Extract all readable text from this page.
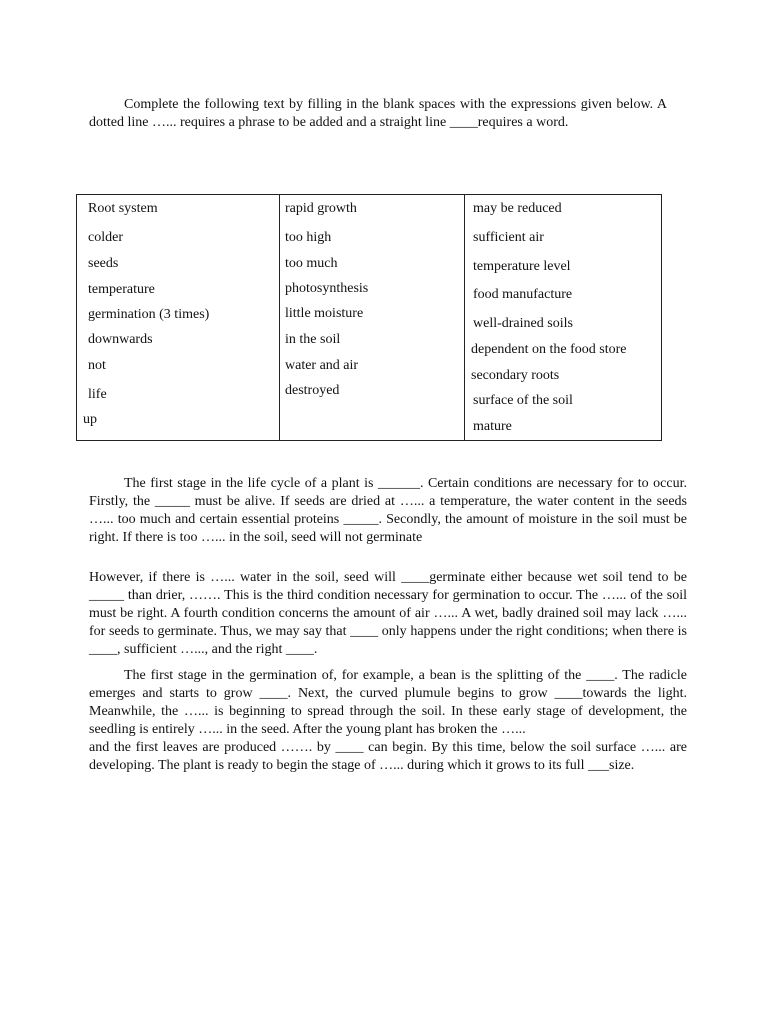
Complete the following text by filling in the blank spaces with the expressions given below. A dotted line …... requires a phrase to be added and a straight line ____requires a word.
Root system
colder
seeds
temperature
germination (3 times)
downwards
not
life
up
rapid growth
too high
too much
photosynthesis
little moisture
in the soil
water and air
destroyed
may be reduced
sufficient air
temperature level
food manufacture
well-drained soils
dependent on the food store
secondary roots
surface of the soil
mature
The first stage in the life cycle of a plant is ______. Certain conditions are necessary for to occur. Firstly, the _____ must be alive. If seeds are dried at …... a temperature, the water content in the seeds …... too much and certain essential proteins _____. Secondly, the amount of moisture in the soil must be right. If there is too …... in the soil, seed will not germinate
However, if there is …... water in the soil, seed will ____germinate either because wet soil tend to be _____ than drier, ……. This is the third condition necessary for germination to occur. The …... of the soil must be right. A fourth condition concerns the amount of air …... A wet, badly drained soil may lack …... for seeds to germinate. Thus, we may say that ____ only happens under the right conditions; when there is ____, sufficient …..., and the right ____.
The first stage in the germination of, for example, a bean is the splitting of the ____. The radicle emerges and starts to grow ____. Next, the curved plumule begins to grow ____towards the light. Meanwhile, the …... is beginning to spread through the soil. In these early stage of development, the seedling is entirely …... in the seed. After the young plant has broken the …...
and the first leaves are produced ……. by ____ can begin. By this time, below the soil surface …... are developing. The plant is ready to begin the stage of …... during which it grows to its full ___size.
